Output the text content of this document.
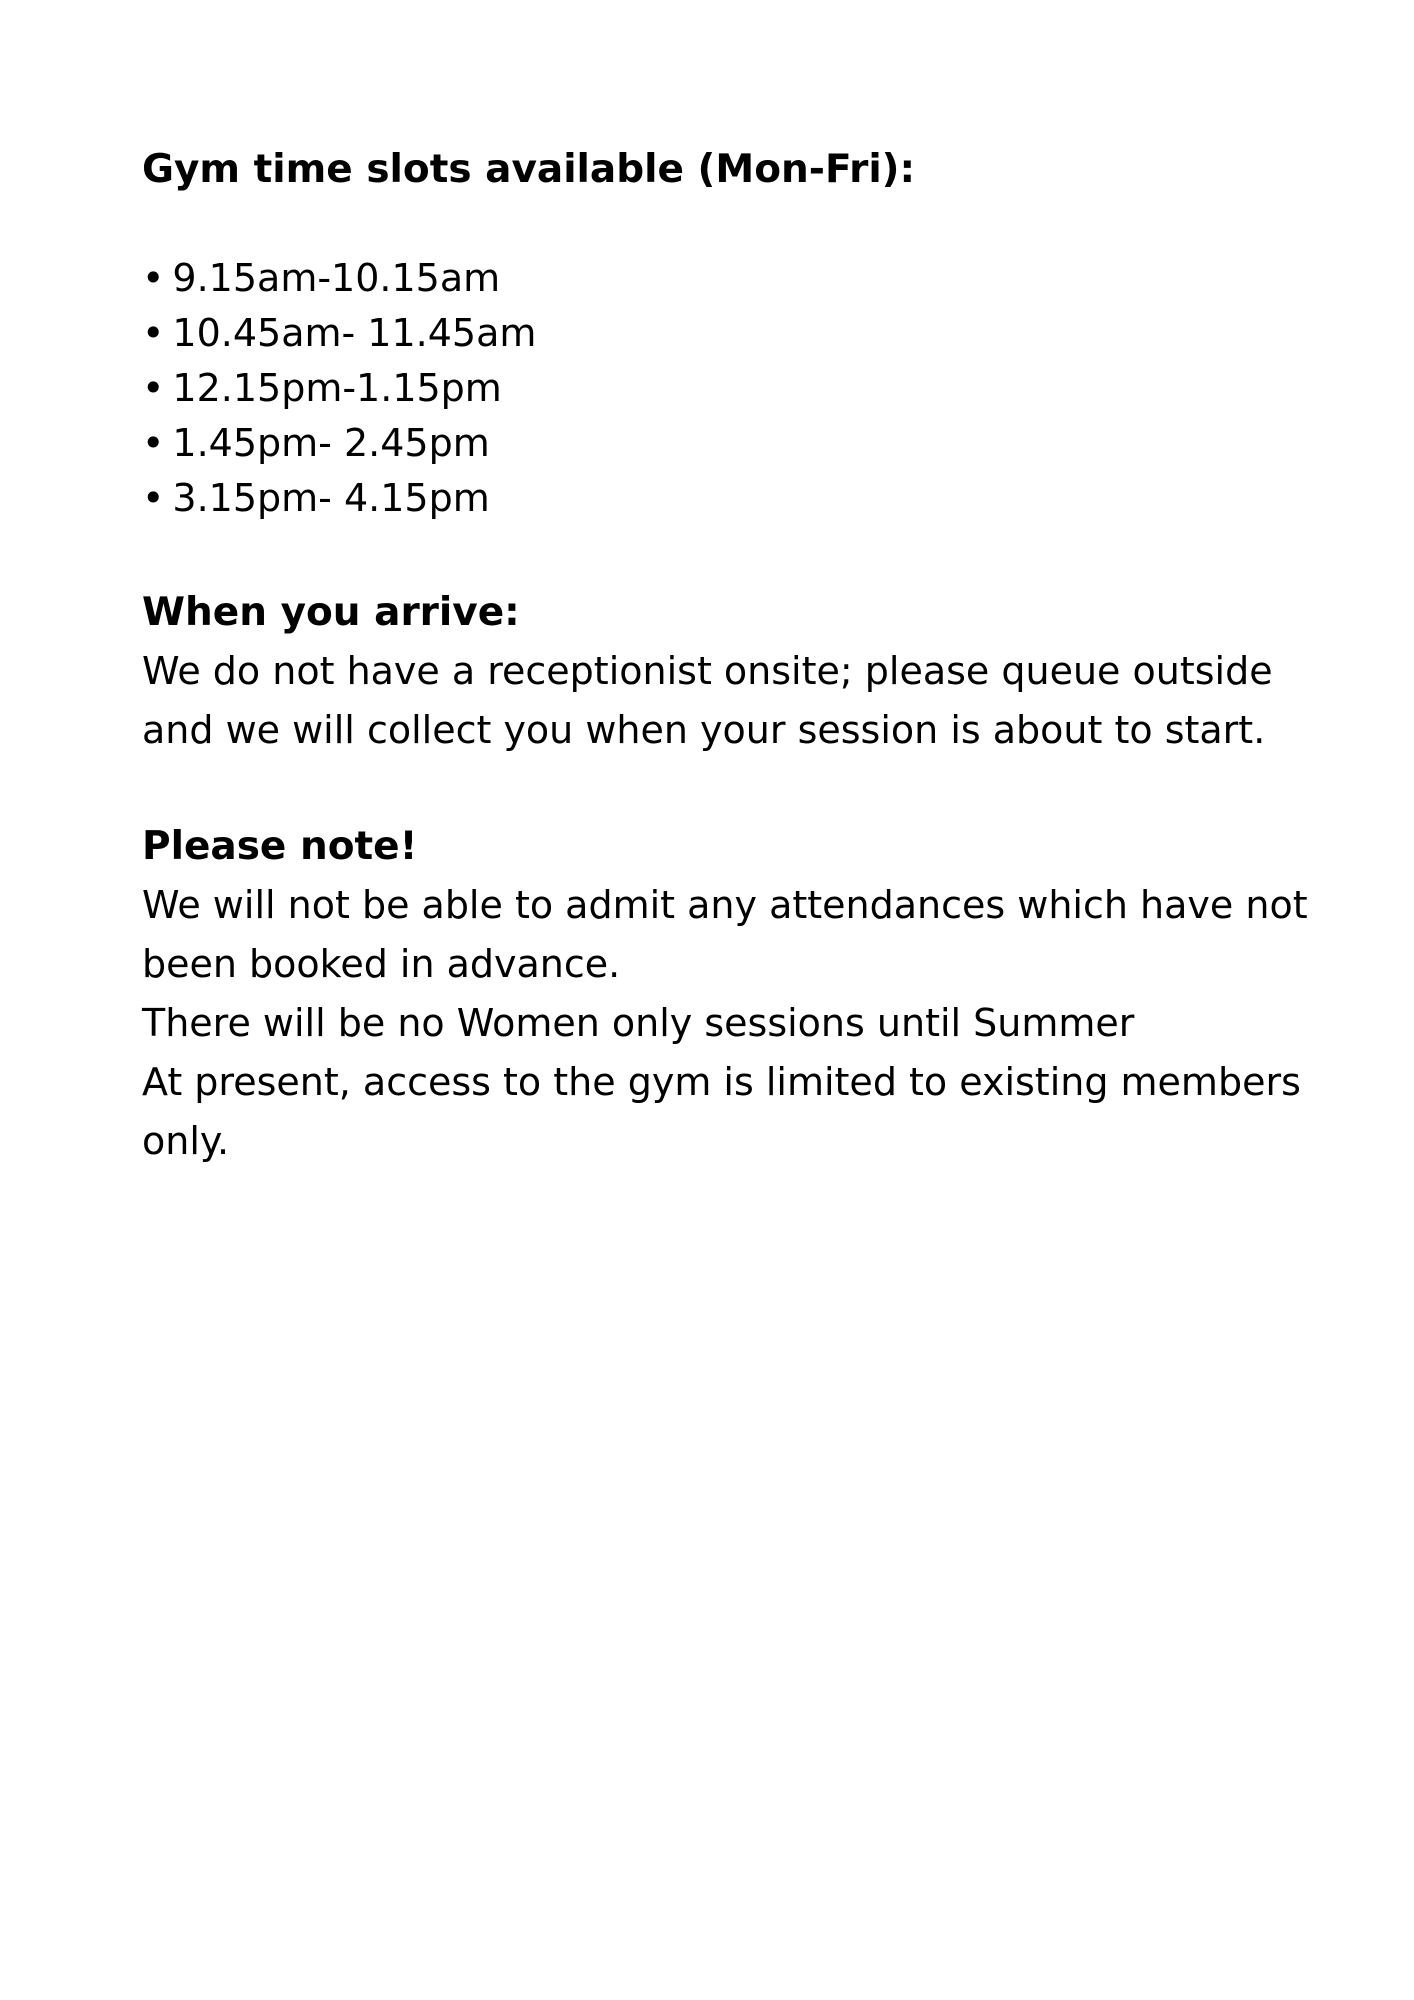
Gym time slots available (Mon-Fri):
• 9.15am-10.15am
• 10.45am- 11.45am
• 12.15pm-1.15pm
• 1.45pm- 2.45pm
• 3.15pm- 4.15pm
When you arrive:
We do not have a receptionist onsite; please queue outside
and we will collect you when your session is about to start.
Please note!
We will not be able to admit any attendances which have not
been booked in advance.
There will be no Women only sessions until Summer
At present, access to the gym is limited to existing members
only.
